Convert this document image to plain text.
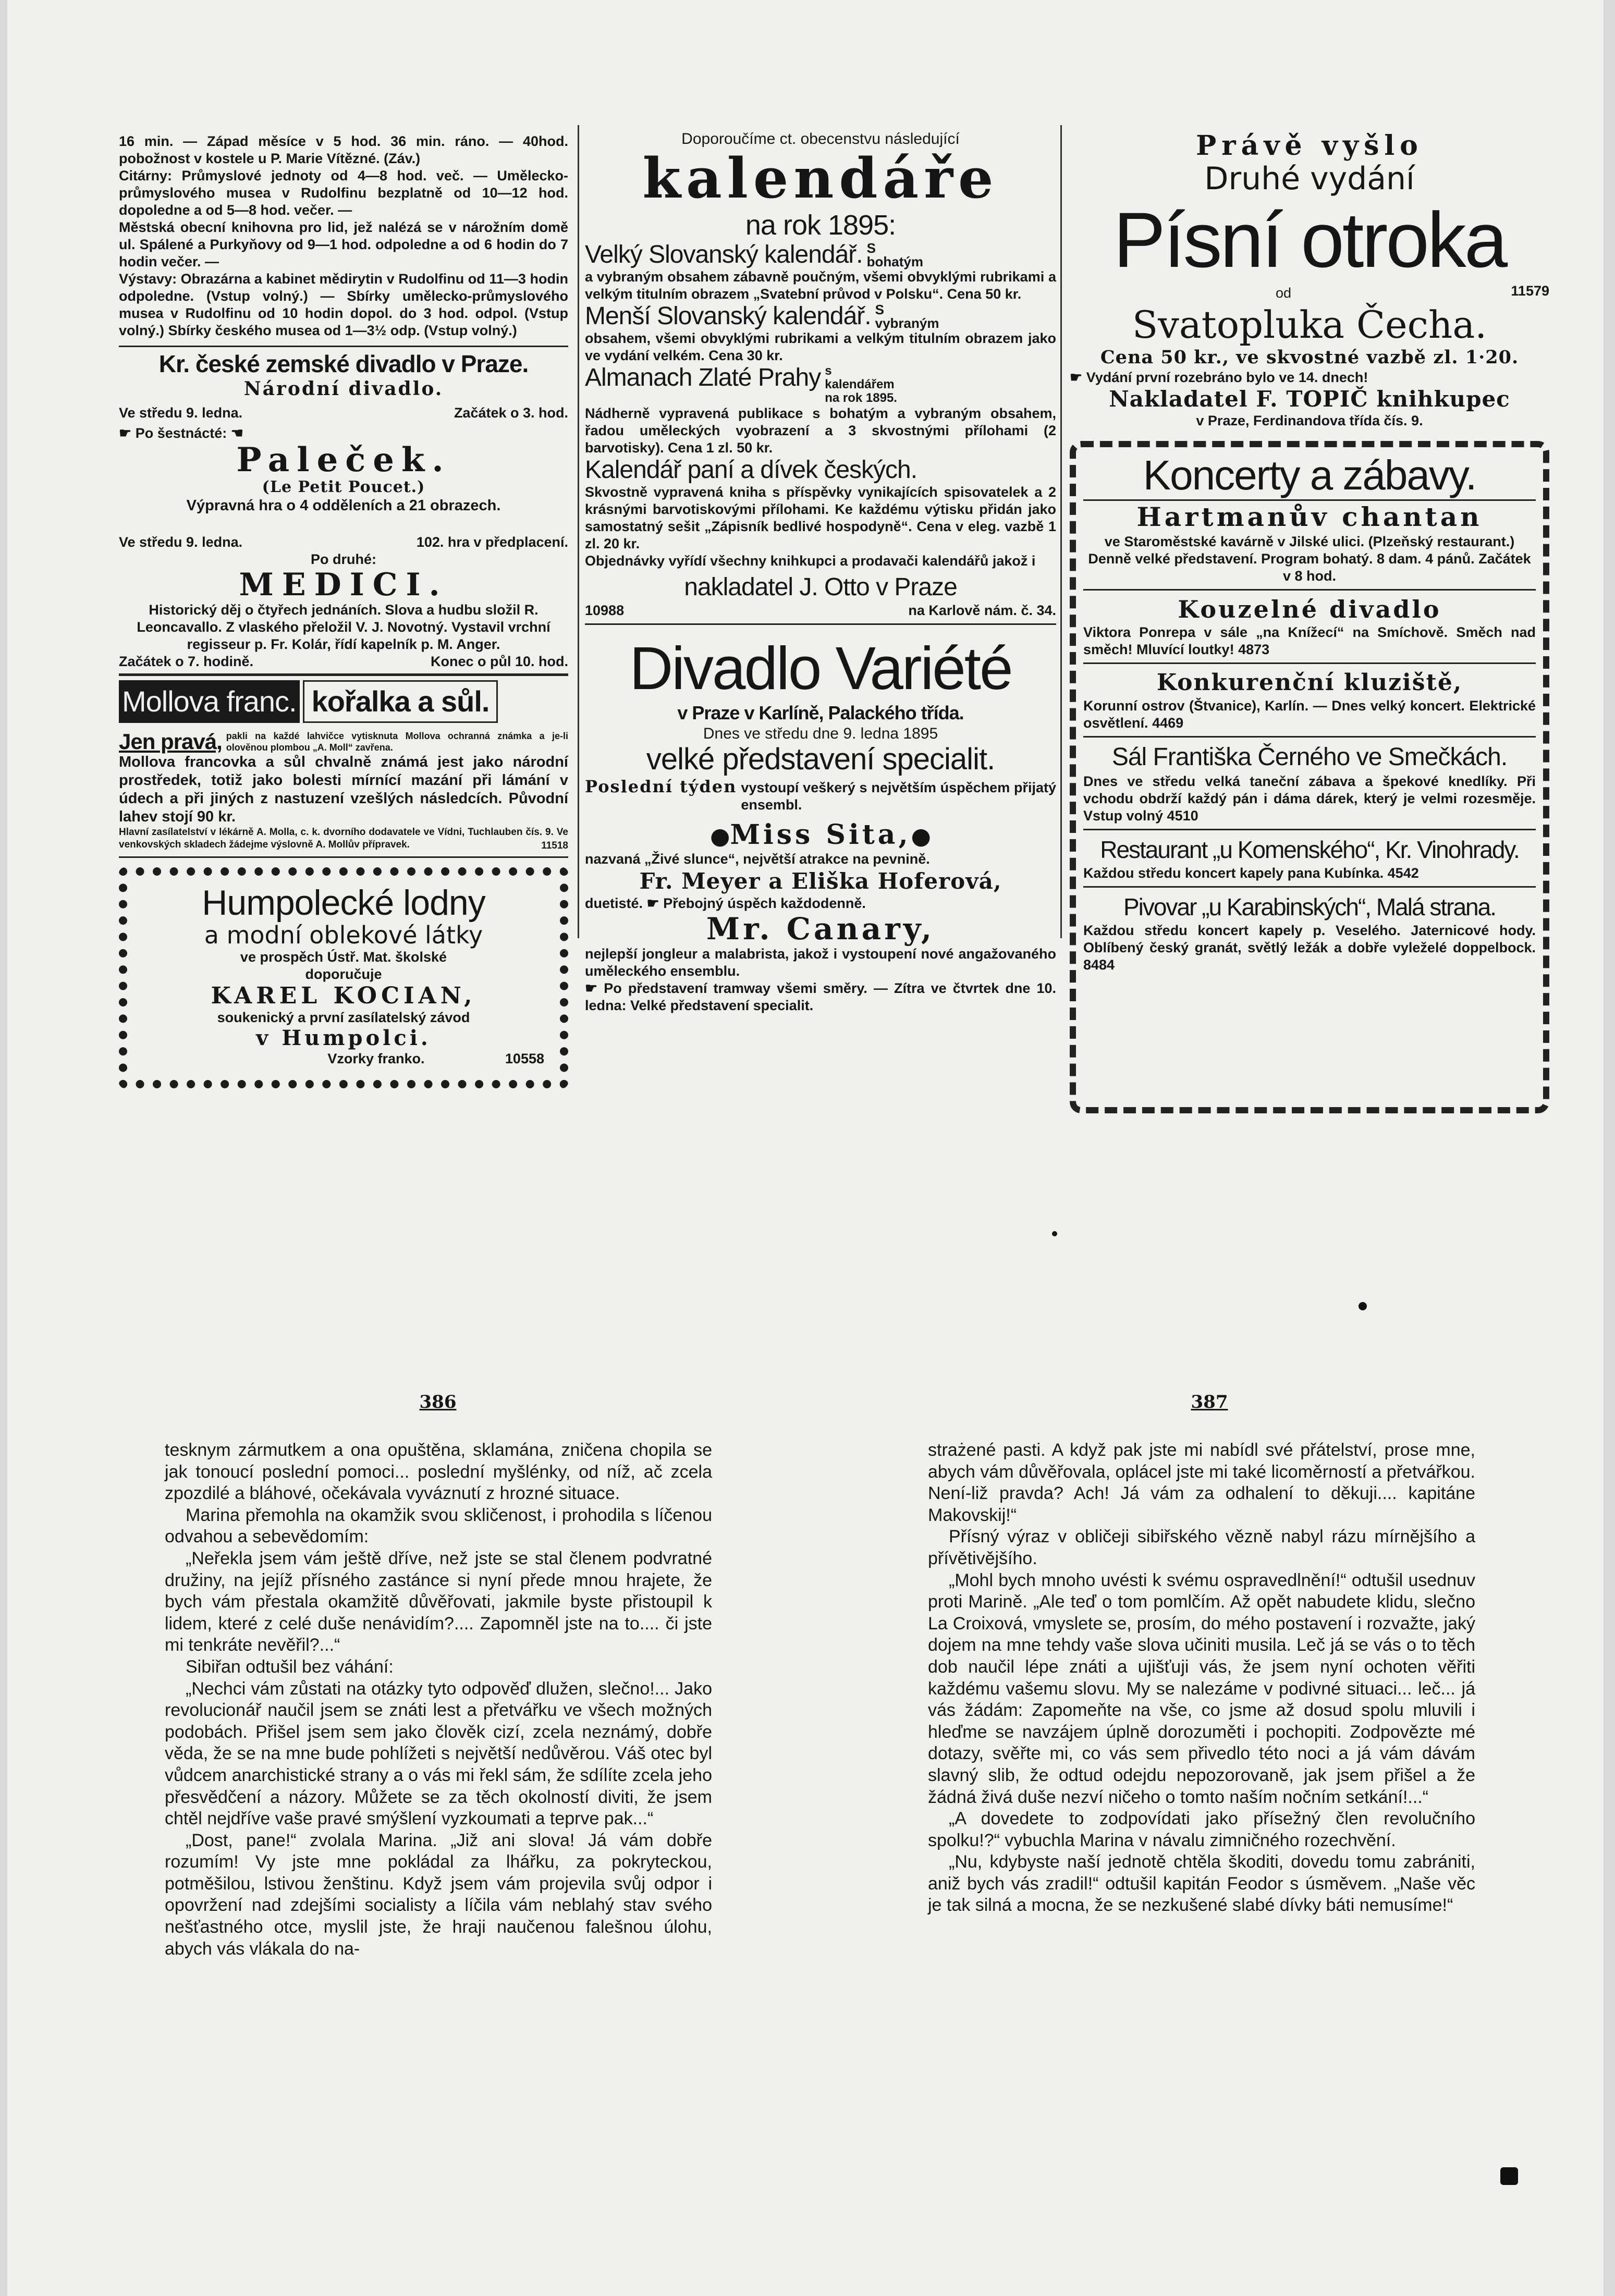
16 min. — Západ měsíce v 5 hod. 36 min. ráno. — 40hod. pobožnost v kostele u P. Marie Vítězné. (Záv.)

Citárny: Průmyslové jednoty od 4—8 hod. več. — Umělecko-průmyslového musea v Rudolfinu bezplatně od 10—12 hod. dopoledne a od 5—8 hod. večer. —

Městská obecní knihovna pro lid, jež nalézá se v nárožním domě ul. Spálené a Purkyňovy od 9—1 hod. odpoledne a od 6 hodin do 7 hodin večer. —

Výstavy: Obrazárna a kabinet mědirytin v Rudolfinu od 11—3 hodin odpoledne. (Vstup volný.) — Sbírky umělecko-průmyslového musea v Rudolfinu od 10 hodin dopol. do 3 hod. odpol. (Vstup volný.) Sbírky českého musea od 1—3½ odp. (Vstup volný.)

Kr. české zemské divadlo v Praze.
Národní divadlo.
Ve středu 9. ledna.	Začátek o 3. hod.
☛ Po šestnácté: ☚
Paleček.
(Le Petit Poucet.)
Výpravná hra o 4 odděleních a 21 obrazech.
Ve středu 9. ledna.	102. hra v předplacení.
Po druhé:
MEDICI.
Historický děj o čtyřech jednáních. Slova a hudbu složil R. Leoncavallo. Z vlaského přeložil V. J. Novotný. Vystavil vrchní regisseur p. Fr. Kolár, řídí kapelník p. M. Anger.
Začátek o 7. hodině.	Konec o půl 10. hod.
Mollova franc. kořalka a sůl.
Jen pravá, pakli na každé lahvičce vytisknuta Mollova ochranná známka a je-li olověnou plombou „A. Moll“ zavřena.
Mollova francovka a sůl chvalně známá jest jako národní prostředek, totiž jako bolesti mírnící mazání při lámání v údech a při jiných z nastuzení vzešlých následcích. Původní lahev stojí 90 kr.
Hlavní zasílatelství v lékárně A. Molla, c. k. dvorního dodavatele ve Vídni, Tuchlauben čís. 9. Ve venkovských skladech žádejme výslovně A. Mollův přípravek.	11518
Humpolecké lodny
a modní oblekové látky
ve prospěch Ústř. Mat. školské
doporučuje
KAREL KOCIAN,
soukenický a první zasílatelský závod
v Humpolci.
Vzorky franko.	10558
Doporoučíme ct. obecenstvu následující
kalendáře
na rok 1895:
Velký Slovanský kalendář. S bohatým
a vybraným obsahem zábavně poučným, všemi obvyklými rubrikami a velkým titulním obrazem „Svatební průvod v Polsku“. Cena 50 kr.
Menší Slovanský kalendář. S vybraným
obsahem, všemi obvyklými rubrikami a velkým titulním obrazem jako ve vydání velkém. Cena 30 kr.
Almanach Zlaté Prahy s kalendářem na rok 1895.
Nádherně vypravená publikace s bohatým a vybraným obsahem, řadou uměleckých vyobrazení a 3 skvostnými přílohami (2 barvotisky). Cena 1 zl. 50 kr.
Kalendář paní a dívek českých.
Skvostně vypravená kniha s příspěvky vynikajících spisovatelek a 2 krásnými barvotiskovými přílohami. Ke každému výtisku přidán jako samostatný sešit „Zápisník bedlivé hospodyně“. Cena v eleg. vazbě 1 zl. 20 kr.
Objednávky vyřídí všechny knihkupci a prodavači kalendářů jakož i
nakladatel J. Otto v Praze
10988	na Karlově nám. č. 34.
Divadlo Variété
v Praze v Karlíně, Palackého třída.
Dnes ve středu dne 9. ledna 1895
velké představení specialit.
Poslední týden vystoupí veškerý s největším úspěchem přijatý ensembl.
●Miss Sita,●
nazvaná „Živé slunce“, největší atrakce na pevnině.
Fr. Meyer a Eliška Hoferová,
duetisté. ☛ Přebojný úspěch každodenně.
Mr. Canary,
nejlepší jongleur a malabrista, jakož i vystoupení nové angažovaného uměleckého ensemblu.
☛ Po představení tramway všemi směry. — Zítra ve čtvrtek dne 10. ledna: Velké představení specialit.
Právě vyšlo
Druhé vydání
Písní otroka
od	11579
Svatopluka Čecha.
Cena 50 kr., ve skvostné vazbě zl. 1·20.
☛ Vydání první rozebráno bylo ve 14. dnech!
Nakladatel F. TOPIČ knihkupec
v Praze, Ferdinandova třída čís. 9.
Koncerty a zábavy.
Hartmanův chantan
ve Staroměstské kavárně v Jilské ulici. (Plzeňský restaurant.) Denně velké představení. Program bohatý. 8 dam. 4 pánů. Začátek v 8 hod.
Kouzelné divadlo
Viktora Ponrepa v sále „na Knížecí“ na Smíchově. Směch nad směch! Mluvící loutky! 4873
Konkurenční kluziště,
Korunní ostrov (Štvanice), Karlín. — Dnes velký koncert. Elektrické osvětlení. 4469
Sál Františka Černého ve Smečkách.
Dnes ve středu velká taneční zábava a špekové knedlíky. Při vchodu obdrží každý pán i dáma dárek, který je velmi rozesměje. Vstup volný 4510
Restaurant „u Komenského“, Kr. Vinohrady.
Každou středu koncert kapely pana Kubínka. 4542
Pivovar „u Karabinských“, Malá strana.
Každou středu koncert kapely p. Veselého. Jaternicové hody. Oblíbený český granát, světlý ležák a dobře vyleželé doppelbock. 8484
386	387

tesknym zármutkem a ona opuštěna, sklamána, zničena chopila se jak tonoucí poslední pomoci... poslední myšlénky, od níž, ač zcela zpozdilé a bláhové, očekávala vyváznutí z hrozné situace.

Marina přemohla na okamžik svou skličenost, i prohodila s líčenou odvahou a sebevědomím:

„Neřekla jsem vám ještě dříve, než jste se stal členem podvratné družiny, na jejíž přísného zastánce si nyní přede mnou hrajete, že bych vám přestala okamžitě důvěřovati, jakmile byste přistoupil k lidem, které z celé duše nenávidím?.... Zapomněl jste na to.... či jste mi tenkráte nevěřil?...“

Sibiřan odtušil bez váhání:

„Nechci vám zůstati na otázky tyto odpověď dlužen, slečno!... Jako revolucionář naučil jsem se znáti lest a přetvářku ve všech možných podobách. Přišel jsem sem jako člověk cizí, zcela neznámý, dobře věda, že se na mne bude pohlížeti s největší nedůvěrou. Váš otec byl vůdcem anarchistické strany a o vás mi řekl sám, že sdílíte zcela jeho přesvědčení a názory. Můžete se za těch okolností diviti, že jsem chtěl nejdříve vaše pravé smýšlení vyzkoumati a teprve pak...“

„Dost, pane!“ zvolala Marina. „Již ani slova! Já vám dobře rozumím! Vy jste mne pokládal za lhářku, za pokryteckou, potměšilou, lstivou ženštinu. Když jsem vám projevila svůj odpor i opovržení nad zdejšími socialisty a líčila vám neblahý stav svého nešťastného otce, myslil jste, že hraji naučenou falešnou úlohu, abych vás vlákala do na-

strażené pasti. A když pak jste mi nabídl své přátelství, prose mne, abych vám důvěřovala, oplácel jste mi také licoměrností a přetvářkou. Není-liž pravda? Ach! Já vám za odhalení to děkuji.... kapitáne Makovskij!“

Přísný výraz v obličeji sibiřského vězně nabyl rázu mírnějšího a přívětivějšího.

„Mohl bych mnoho uvésti k svému ospravedlnění!“ odtušil usednuv proti Marině. „Ale teď o tom pomlčím. Až opět nabudete klidu, slečno La Croixová, vmyslete se, prosím, do mého postavení i rozvažte, jaký dojem na mne tehdy vaše slova učiniti musila. Leč já se vás o to těch dob naučil lépe znáti a ujišťuji vás, že jsem nyní ochoten věřiti každému vašemu slovu. My se nalezáme v podivné situaci... leč... já vás žádám: Zapomeňte na vše, co jsme až dosud spolu mluvili i hleďme se navzájem úplně dorozuměti i pochopiti. Zodpovězte mé dotazy, svěřte mi, co vás sem přivedlo této noci a já vám dávám slavný slib, že odtud odejdu nepozorovaně, jak jsem přišel a že žádná živá duše nezví ničeho o tomto naším nočním setkání!...“

„A dovedete to zodpovídati jako přísežný člen revolučního spolku!?“ vybuchla Marina v návalu zimničného rozechvění.

„Nu, kdybyste naší jednotě chtěla škoditi, dovedu tomu zabrániti, aniž bych vás zradil!“ odtušil kapitán Feodor s úsměvem. „Naše věc je tak silná a mocna, že se nezkušené slabé dívky báti nemusíme!“
